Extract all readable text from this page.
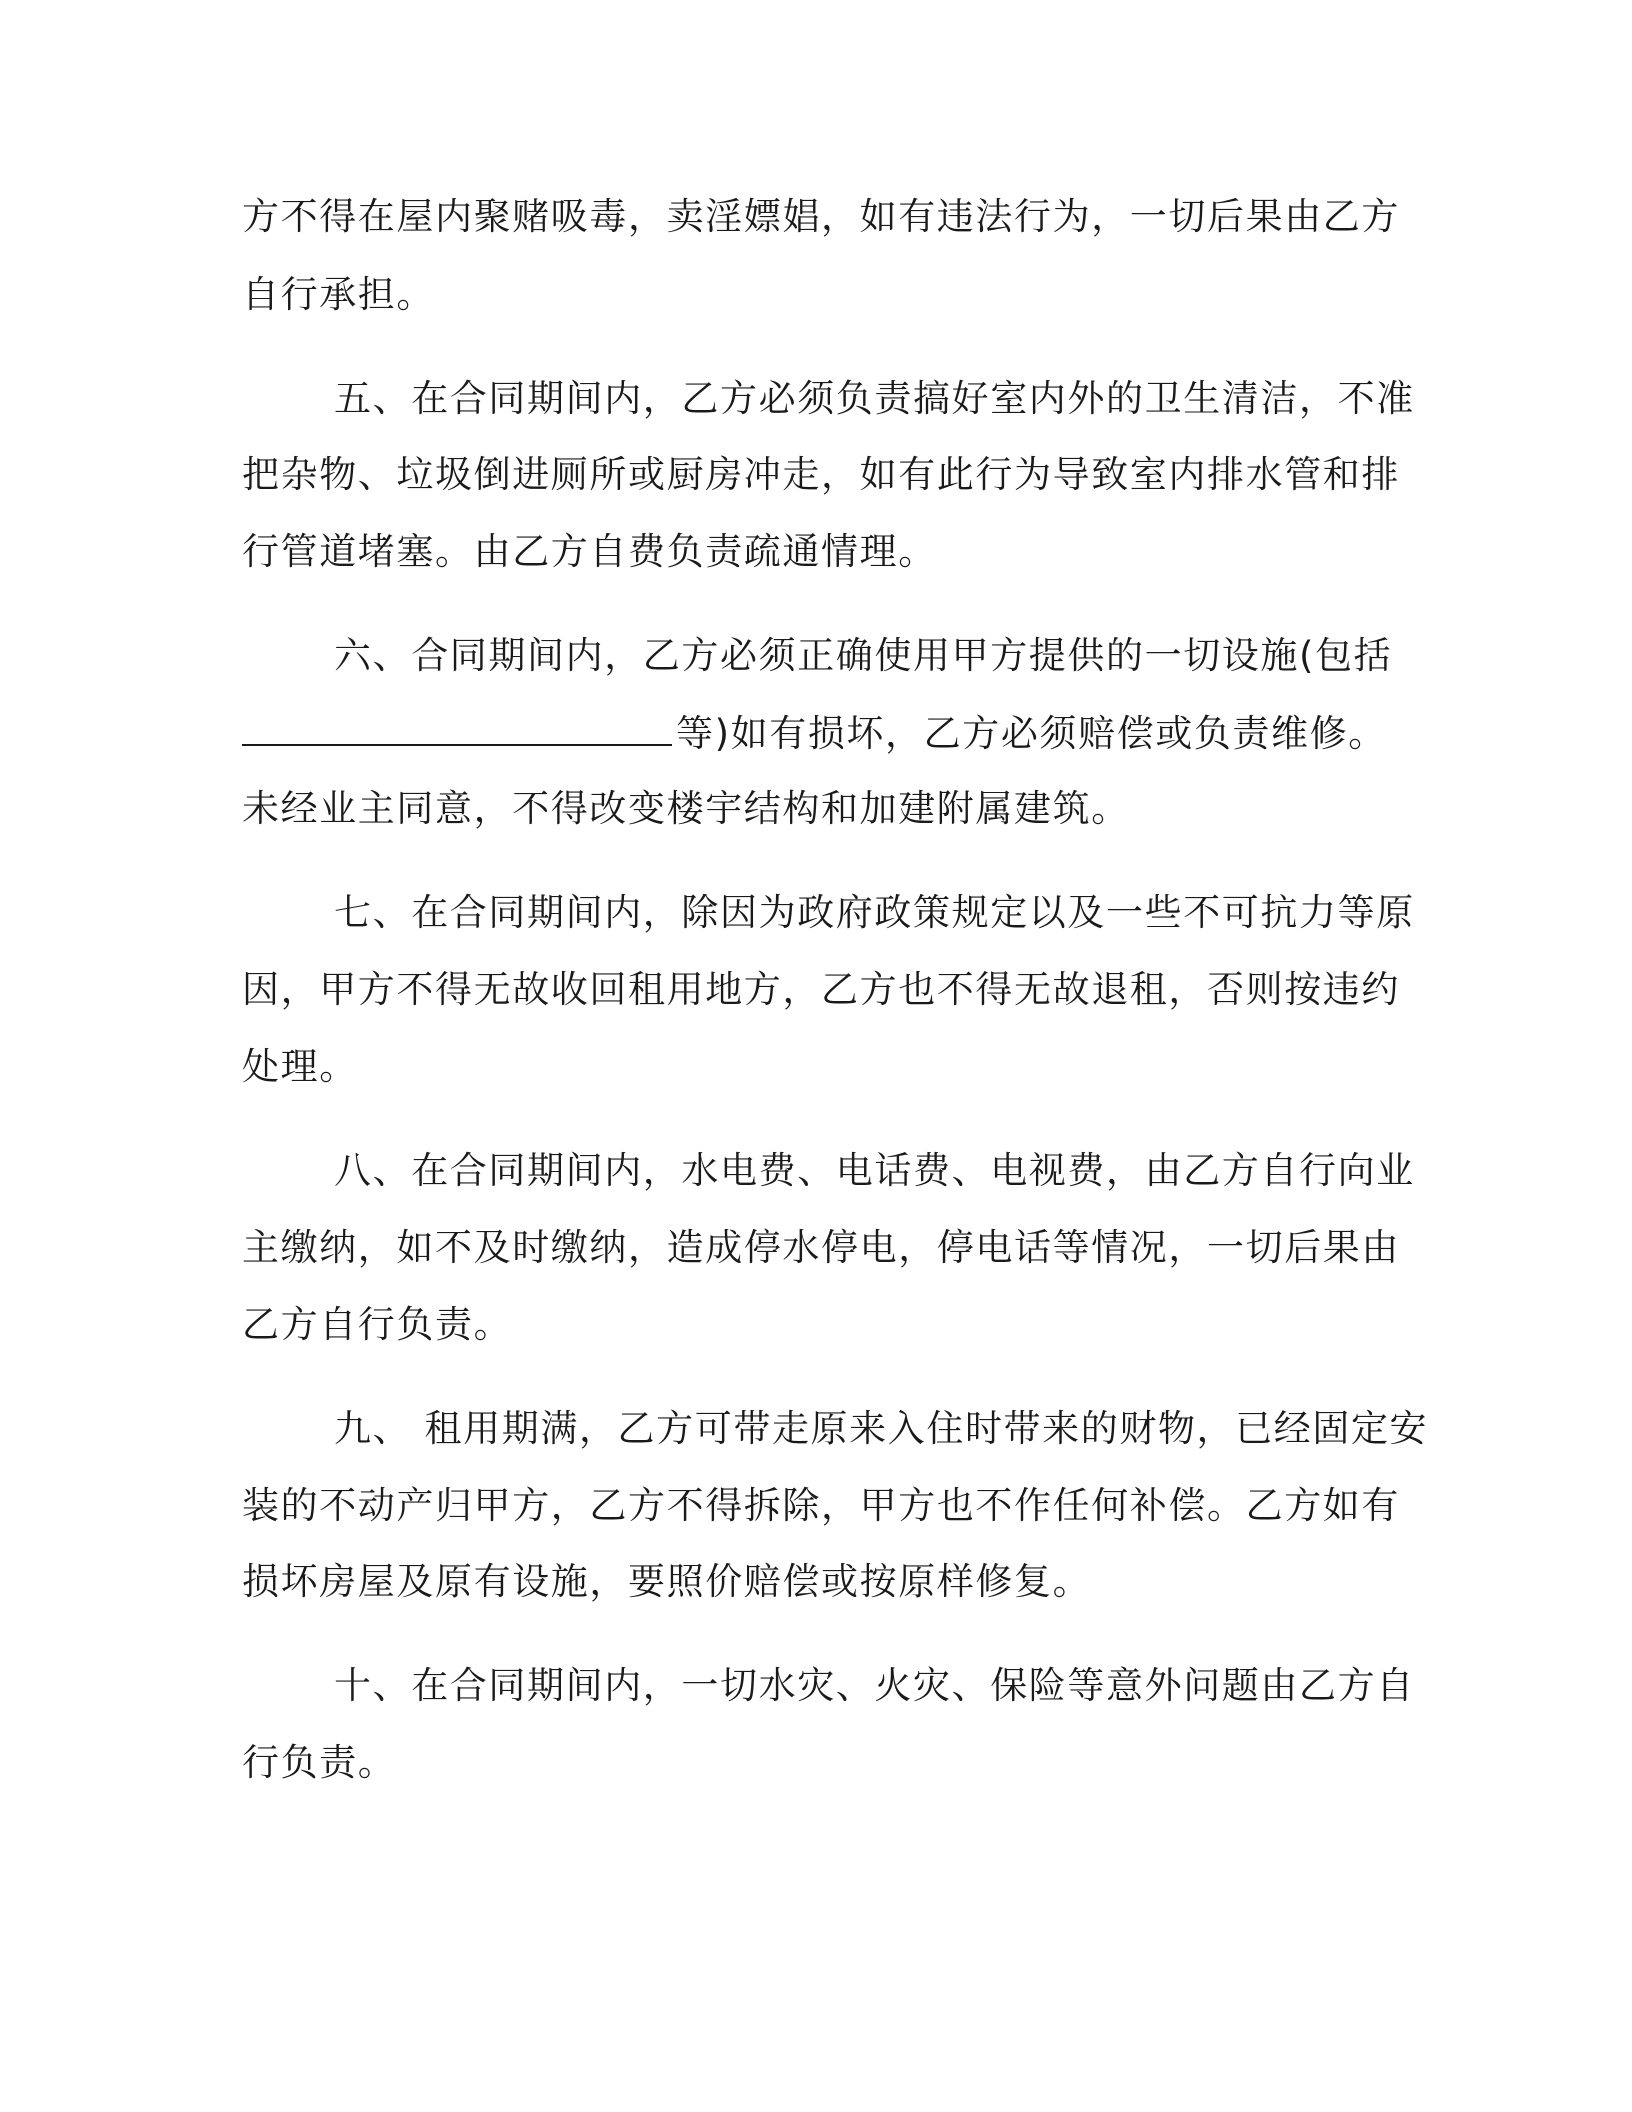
方不得在屋内聚赌吸毒，卖淫嫖娼，如有违法行为，一切后果由乙方
自行承担。
五、在合同期间内，乙方必须负责搞好室内外的卫生清洁，不准
把杂物、垃圾倒进厕所或厨房冲走，如有此行为导致室内排水管和排
行管道堵塞。由乙方自费负责疏通情理。
六、合同期间内，乙方必须正确使用甲方提供的一切设施(包括
等)如有损坏，乙方必须赔偿或负责维修。
未经业主同意，不得改变楼宇结构和加建附属建筑。
七、在合同期间内，除因为政府政策规定以及一些不可抗力等原
因，甲方不得无故收回租用地方，乙方也不得无故退租，否则按违约
处理。
八、在合同期间内，水电费、电话费、电视费，由乙方自行向业
主缴纳，如不及时缴纳，造成停水停电，停电话等情况，一切后果由
乙方自行负责。
九、 租用期满，乙方可带走原来入住时带来的财物，已经固定安
装的不动产归甲方，乙方不得拆除，甲方也不作任何补偿。乙方如有
损坏房屋及原有设施，要照价赔偿或按原样修复。
十、在合同期间内，一切水灾、火灾、保险等意外问题由乙方自
行负责。
